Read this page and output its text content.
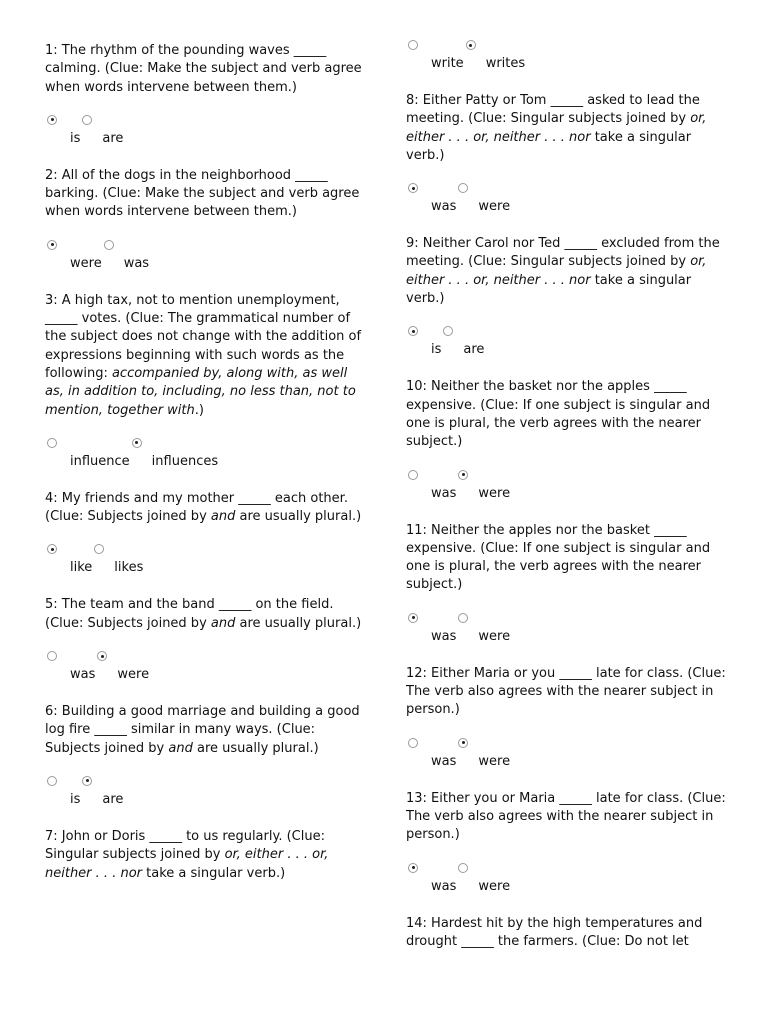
1: The rhythm of the pounding waves _____ calming. (Clue: Make the subject and verb agree when words intervene between them.)

is are

2: All of the dogs in the neighborhood _____ barking. (Clue: Make the subject and verb agree when words intervene between them.)

were was

3: A high tax, not to mention unemployment, _____ votes. (Clue: The grammatical number of the subject does not change with the addition of expressions beginning with such words as the following: accompanied by, along with, as well as, in addition to, including, no less than, not to mention, together with.)

influence influences

4: My friends and my mother _____ each other. (Clue: Subjects joined by and are usually plural.)

like likes

5: The team and the band _____ on the field. (Clue: Subjects joined by and are usually plural.)

was were

6: Building a good marriage and building a good log fire _____ similar in many ways. (Clue: Subjects joined by and are usually plural.)

is are

7: John or Doris _____ to us regularly. (Clue: Singular subjects joined by or, either . . . or, neither . . . nor take a singular verb.)

write writes

8: Either Patty or Tom _____ asked to lead the meeting. (Clue: Singular subjects joined by or, either . . . or, neither . . . nor take a singular verb.)

was were

9: Neither Carol nor Ted _____ excluded from the meeting. (Clue: Singular subjects joined by or, either . . . or, neither . . . nor take a singular verb.)

is are

10: Neither the basket nor the apples _____ expensive. (Clue: If one subject is singular and one is plural, the verb agrees with the nearer subject.)

was were

11: Neither the apples nor the basket _____ expensive. (Clue: If one subject is singular and one is plural, the verb agrees with the nearer subject.)

was were

12: Either Maria or you _____ late for class. (Clue: The verb also agrees with the nearer subject in person.)

was were

13: Either you or Maria _____ late for class. (Clue: The verb also agrees with the nearer subject in person.)

was were

14: Hardest hit by the high temperatures and drought _____ the farmers. (Clue: Do not let
